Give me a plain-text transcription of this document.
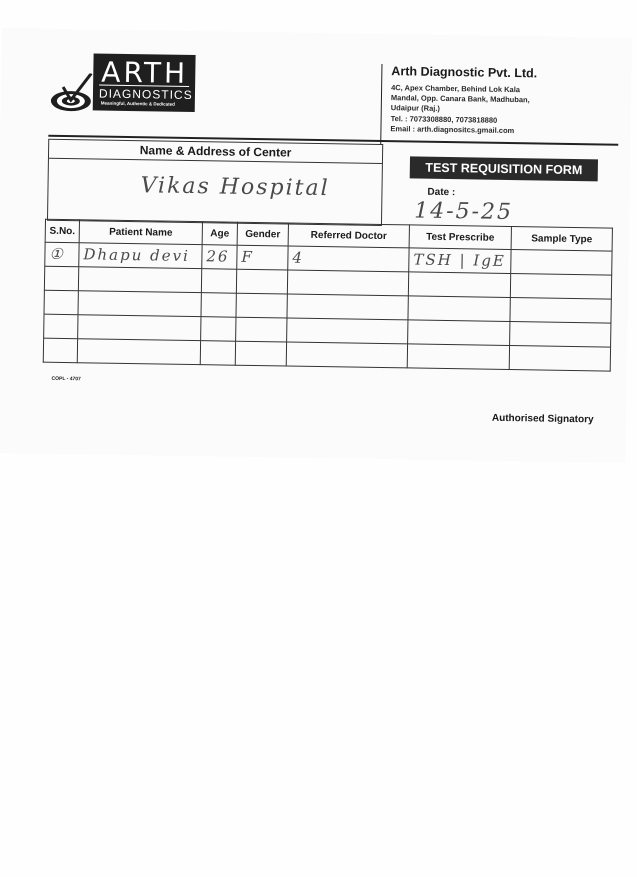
ARTH
DIAGNOSTICS
Meaningful, Authentic & Dedicated
Arth Diagnostic Pvt. Ltd.
4C, Apex Chamber, Behind Lok Kala
Mandal, Opp. Canara Bank, Madhuban,
Udaipur (Raj.)
Tel. : 7073308880, 7073818880
Email : arth.diagnositcs.gmail.com
Name & Address of Center
Vikas Hospital
TEST REQUISITION FORM
Date :
14-5-25
S.No.	Patient Name	Age	Gender	Referred Doctor	Test Prescribe	Sample Type
①	Dhapu devi	26	F	4	TSH | IgE	

COPL - 4707
Authorised Signatory
